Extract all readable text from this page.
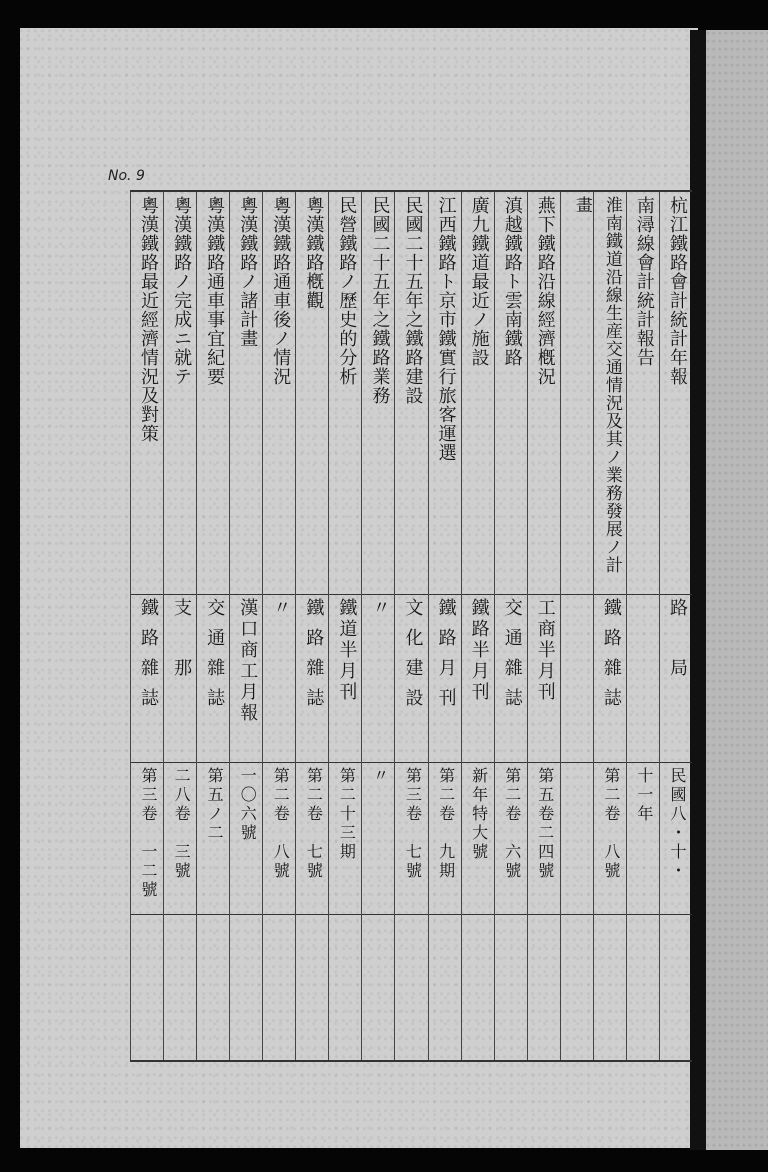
No. 9
杭江鐵路會計統計年報
路　局
民國八・十・
南潯線會計統計報告
十一年
淮南鐵道沿線生産交通情況及其ノ業務發展ノ計畫
鐵路雜誌
第二卷　八號
燕下鐵路沿線經濟槪況
工商半月刊
第五卷二四號
滇越鐵路ト雲南鐵路
交通雜誌
第二卷　六號
廣九鐵道最近ノ施設
鐵路半月刊
新年特大號
江西鐵路ト京市鐵實行旅客運選
鐵路月刊
第二卷　九期
民國二十五年之鐵路建設
文化建設
第三卷　七號
民國二十五年之鐵路業務
〃
〃
民營鐵路ノ歷史的分析
鐵道半月刊
第二十三期
粵漢鐵路槪觀
鐵路雜誌
第二卷　七號
粵漢鐵路通車後ノ情況
〃
第二卷　八號
粵漢鐵路ノ諸計畫
漢口商工月報
一〇六號
粵漢鐵路通車事宜紀要
交通雜誌
第五ノ二
粵漢鐵路ノ完成ニ就テ
支　那
二八卷　三號
粵漢鐵路最近經濟情況及對策
鐵路雜誌
第三卷　一二號
